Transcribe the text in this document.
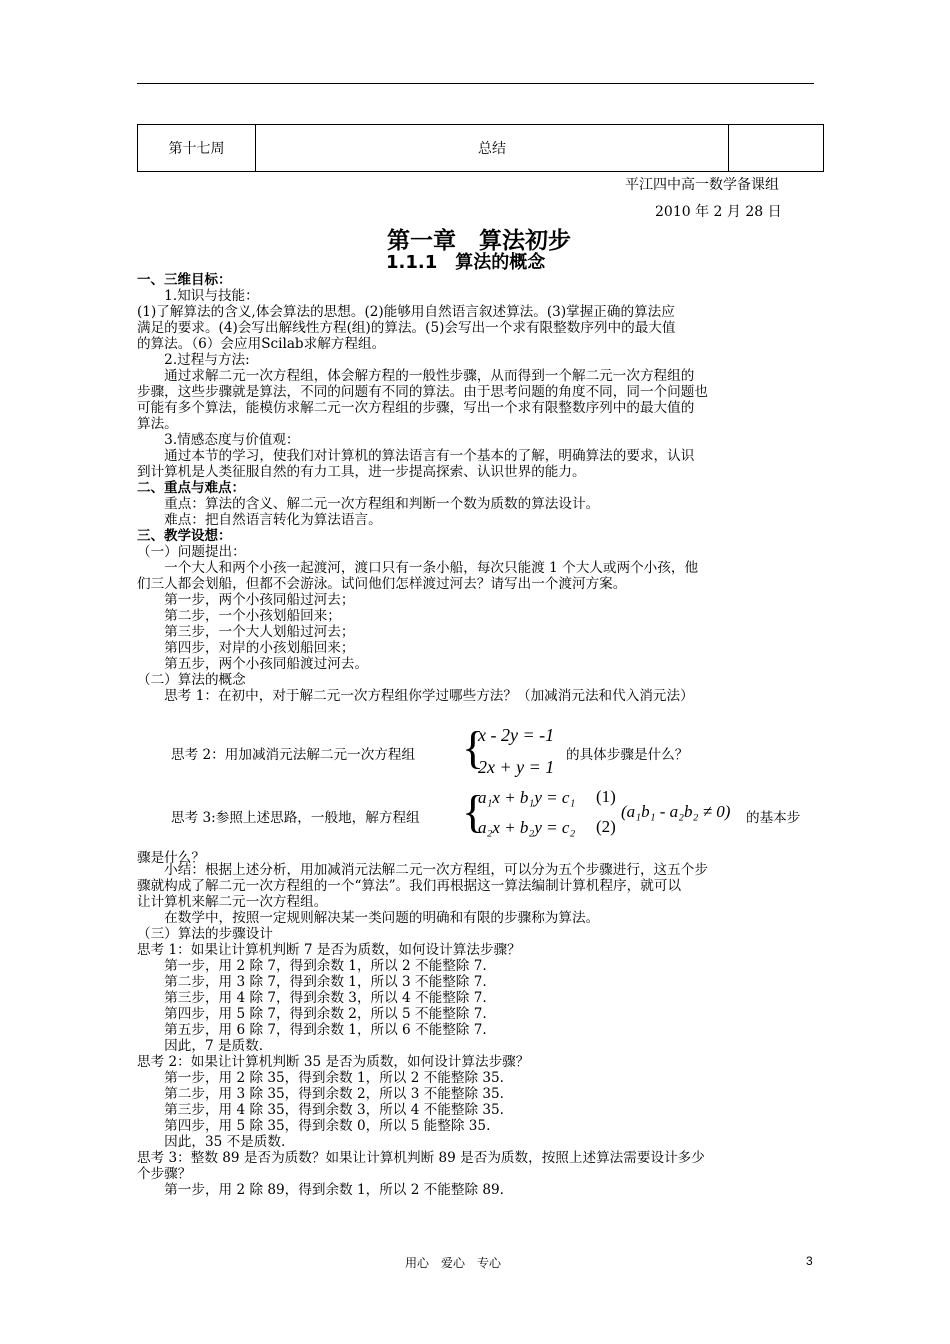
第十七周	总结	
平江四中高一数学备课组
2010 年 2 月 28 日
第一章　算法初步
1.1.1　算法的概念
一、三维目标：
　　1.知识与技能：
(1)了解算法的含义,体会算法的思想。(2)能够用自然语言叙述算法。(3)掌握正确的算法应
满足的要求。(4)会写出解线性方程(组)的算法。(5)会写出一个求有限整数序列中的最大值
的算法。（6）会应用Scilab求解方程组。
　　2.过程与方法:
　　通过求解二元一次方程组，体会解方程的一般性步骤，从而得到一个解二元一次方程组的
步骤，这些步骤就是算法，不同的问题有不同的算法。由于思考问题的角度不同，同一个问题也
可能有多个算法，能模仿求解二元一次方程组的步骤，写出一个求有限整数序列中的最大值的
算法。
　　3.情感态度与价值观：
　　通过本节的学习，使我们对计算机的算法语言有一个基本的了解，明确算法的要求，认识
到计算机是人类征服自然的有力工具，进一步提高探索、认识世界的能力。
二、重点与难点：
　　重点：算法的含义、解二元一次方程组和判断一个数为质数的算法设计。
　　难点：把自然语言转化为算法语言。
三、教学设想：
（一）问题提出：
　　一个大人和两个小孩一起渡河，渡口只有一条小船，每次只能渡 1 个大人或两个小孩，他
们三人都会划船，但都不会游泳。试问他们怎样渡过河去？请写出一个渡河方案。
　　第一步，两个小孩同船过河去；
　　第二步，一个小孩划船回来；
　　第三步，一个大人划船过河去；
　　第四步，对岸的小孩划船回来；
　　第五步，两个小孩同船渡过河去。
（二）算法的概念
　　思考 1：在初中，对于解二元一次方程组你学过哪些方法？（加减消元法和代入消元法）
思考 2：用加减消元法解二元一次方程组 {
x - 2y = -1
2x + y = 1
的具体步骤是什么？
思考 3:参照上述思路，一般地，解方程组 {
a₁x + b₁y = c₁
a₂x + b₂y = c₂
(1)
(2)
(a₁b₁ - a₂b₂ ≠ 0) 的基本步
骤是什么？
　　小结：根据上述分析，用加减消元法解二元一次方程组，可以分为五个步骤进行，这五个步
骤就构成了解二元一次方程组的一个“算法”。我们再根据这一算法编制计算机程序，就可以
让计算机来解二元一次方程组。
　　在数学中，按照一定规则解决某一类问题的明确和有限的步骤称为算法。
（三）算法的步骤设计
思考 1：如果让计算机判断 7 是否为质数，如何设计算法步骤？
　　第一步，用 2 除 7，得到余数 1，所以 2 不能整除 7.
　　第二步，用 3 除 7，得到余数 1，所以 3 不能整除 7.
　　第三步，用 4 除 7，得到余数 3，所以 4 不能整除 7.
　　第四步，用 5 除 7，得到余数 2，所以 5 不能整除 7.
　　第五步，用 6 除 7，得到余数 1，所以 6 不能整除 7.
　　因此，7 是质数.
思考 2：如果让计算机判断 35 是否为质数，如何设计算法步骤？
　　第一步，用 2 除 35，得到余数 1，所以 2 不能整除 35.
　　第二步，用 3 除 35，得到余数 2，所以 3 不能整除 35.
　　第三步，用 4 除 35，得到余数 3，所以 4 不能整除 35.
　　第四步，用 5 除 35，得到余数 0，所以 5 能整除 35.
　　因此，35 不是质数.
思考 3：整数 89 是否为质数？如果让计算机判断 89 是否为质数，按照上述算法需要设计多少
个步骤？
　　第一步，用 2 除 89，得到余数 1，所以 2 不能整除 89.
用心　爱心　专心	3
